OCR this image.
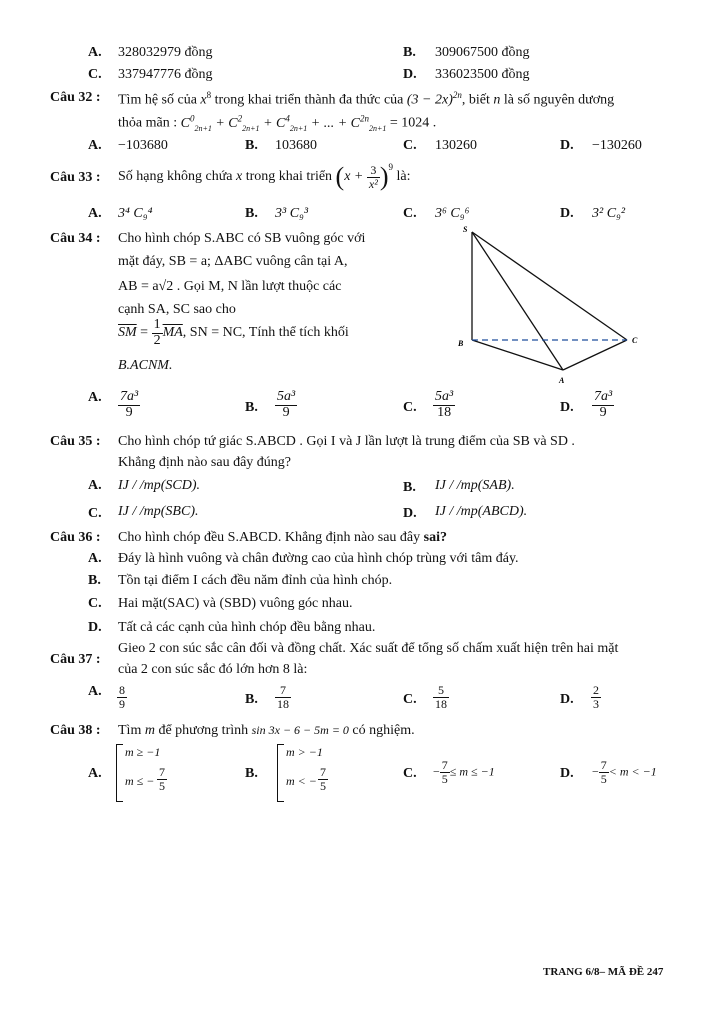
A. 328032979 đồng	B. 309067500 đồng
C. 337947776 đồng	D. 336023500 đồng
Câu 32 : Tìm hệ số của $x^8$ trong khai triển thành đa thức của $(3 - 2x)^{2n}$, biết n là số nguyên dương
thỏa mãn : $C^0_{2n+1} + C^2_{2n+1} + C^4_{2n+1}$ + ... + $C^{2n}_{2n+1} = 1024$ .
A. −103680	B. 103680	C. 130260	D. −130260
Câu 33 : Số hạng không chứa x trong khai triển $(x + \frac{3}{\text{x²}} )^9$ là:
A. 3⁴ C₉⁴	B. 3³ C₉³	C. 3⁶ C₉⁶	D. 3² C₉²
Câu 34 : Cho hình chóp S.ABC có SB vuông góc với
mặt đáy, SB = a; ΔABC vuông cân tại A,
AB = a√2 . Gọi M, N lần lượt thuộc các
cạnh SA, SC sao cho
$\overline{SM} = \frac{1}{2} \overline{MA}$, SN = NC, Tính thể tích khối
B.ACNM.
S
B	C
A
A. $\frac{\text{7a³}}{9}$	B. $\frac{\text{5a³}}{9}$	C. $\frac{\text{5a³}}{18}$	D. $\frac{\text{7a³}}{9}$
Câu 35 : Cho hình chóp tứ giác S.ABCD . Gọi I và J lần lượt là trung điểm của SB và SD .
Khẳng định nào sau đây đúng?
A. IJ / /mp(SCD).	B. IJ / /mp(SAB).
C. IJ / /mp(SBC).	D. IJ / /mp(ABCD).
Câu 36 : Cho hình chóp đều S.ABCD. Khẳng định nào sau đây sai?
A. Đáy là hình vuông và chân đường cao của hình chóp trùng với tâm đáy.
B. Tồn tại điểm I cách đều năm đỉnh của hình chóp.
C. Hai mặt(SAC) và (SBD) vuông góc nhau.
D. Tất cả các cạnh của hình chóp đều bằng nhau.
Câu 37 :
Gieo 2 con súc sắc cân đối và đồng chất. Xác suất để tổng số chấm xuất hiện trên hai mặt
của 2 con súc sắc đó lớn hơn 8 là:
A. $\frac{8}{9}$	B. $\frac{7}{18}$	C. $\frac{5}{18}$	D. $\frac{2}{3}$
Câu 38 : Tìm m để phương trình sin 3x − 6 − 5m = 0 có nghiệm.
A.
m ≥ −1
m ≤ − $\frac{7}{5}$	B.
m > −1
m < − $\frac{7}{5}$	C. − $\frac{7}{5} \le m \le -1$	D. − $\frac{7}{5} < m < -1$
TRANG 6/8– MÃ ĐỀ 247
